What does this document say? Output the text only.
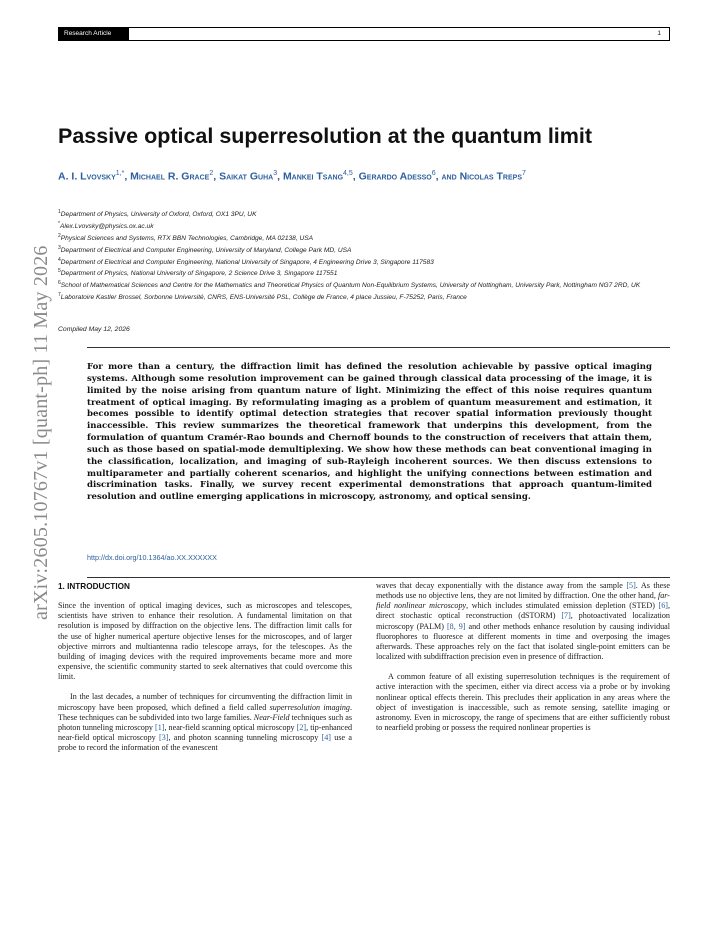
Research Article	1
arXiv:2605.10767v1 [quant-ph] 11 May 2026
Passive optical superresolution at the quantum limit
A. I. Lvovsky$^{1,*}$, Michael R. Grace$^2$, Saikat Guha$^3$, Mankei Tsang$^{4,5}$, Gerardo Adesso$^6$, and Nicolas Treps$^7$
$^1$Department of Physics, University of Oxford, Oxford, OX1 3PU, UK
*Alex.Lvovsky@physics.ox.ac.uk
$^2$Physical Sciences and Systems, RTX BBN Technologies, Cambridge, MA 02138, USA
$^3$Department of Electrical and Computer Engineering, University of Maryland, College Park MD, USA
$^4$Department of Electrical and Computer Engineering, National University of Singapore, 4 Engineering Drive 3, Singapore 117583
$^5$Department of Physics, National University of Singapore, 2 Science Drive 3, Singapore 117551
$^6$School of Mathematical Sciences and Centre for the Mathematics and Theoretical Physics of Quantum Non-Equilibrium Systems, University of Nottingham, University Park, Nottingham NG7 2RD, UK
$^7$Laboratoire Kastler Brossel, Sorbonne Université, CNRS, ENS-Université PSL, Collège de France, 4 place Jussieu, F-75252, Paris, France
Compiled May 12, 2026
For more than a century, the diffraction limit has defined the resolution achievable by passive optical imaging systems. Although some resolution improvement can be gained through classical data processing of the image, it is limited by the noise arising from quantum nature of light. Minimizing the effect of this noise requires quantum treatment of optical imaging. By reformulating imaging as a problem of quantum measurement and estimation, it becomes possible to identify optimal detection strategies that recover spatial information previously thought inaccessible. This review summarizes the theoretical framework that underpins this development, from the formulation of quantum Cramér-Rao bounds and Chernoff bounds to the construction of receivers that attain them, such as those based on spatial-mode demultiplexing. We show how these methods can beat conventional imaging in the classification, localization, and imaging of sub-Rayleigh incoherent sources. We then discuss extensions to multiparameter and partially coherent scenarios, and highlight the unifying connections between estimation and discrimination tasks. Finally, we survey recent experimental demonstrations that approach quantum-limited resolution and outline emerging applications in microscopy, astronomy, and optical sensing.
http://dx.doi.org/10.1364/ao.XX.XXXXXX
1. INTRODUCTION

Since the invention of optical imaging devices, such as microscopes and telescopes, scientists have striven to enhance their resolution. A fundamental limitation on that resolution is imposed by diffraction on the objective lens. The diffraction limit calls for the use of higher numerical aperture objective lenses for the microscopes, and of larger objective mirrors and multiantenna radio telescope arrays, for the telescopes. As the building of imaging devices with the required improvements became more and more expensive, the scientific community started to seek alternatives that could overcome this limit.

In the last decades, a number of techniques for circumventing the diffraction limit in microscopy have been proposed, which defined a field called superresolution imaging. These techniques can be subdivided into two large families. Near-Field techniques such as photon tunneling microscopy [1], near-field scanning optical microscopy [2], tip-enhanced near-field optical microscopy [3], and photon scanning tunneling microscopy [4] use a probe to record the information of the evanescent

waves that decay exponentially with the distance away from the sample [5]. As these methods use no objective lens, they are not limited by diffraction. One the other hand, far-field nonlinear microscopy, which includes stimulated emission depletion (STED) [6], direct stochastic optical reconstruction (dSTORM) [7], photoactivated localization microscopy (PALM) [8, 9] and other methods enhance resolution by causing individual fluorophores to fluoresce at different moments in time and overposing the images afterwards. These approaches rely on the fact that isolated single-point emitters can be localized with subdiffraction precision even in presence of diffraction.

A common feature of all existing superresolution techniques is the requirement of active interaction with the specimen, either via direct access via a probe or by invoking nonlinear optical effects therein. This precludes their application in any areas where the object of investigation is inaccessible, such as remote sensing, satellite imaging or astronomy. Even in microscopy, the range of specimens that are either sufficiently robust to nearfield probing or possess the required nonlinear properties is
